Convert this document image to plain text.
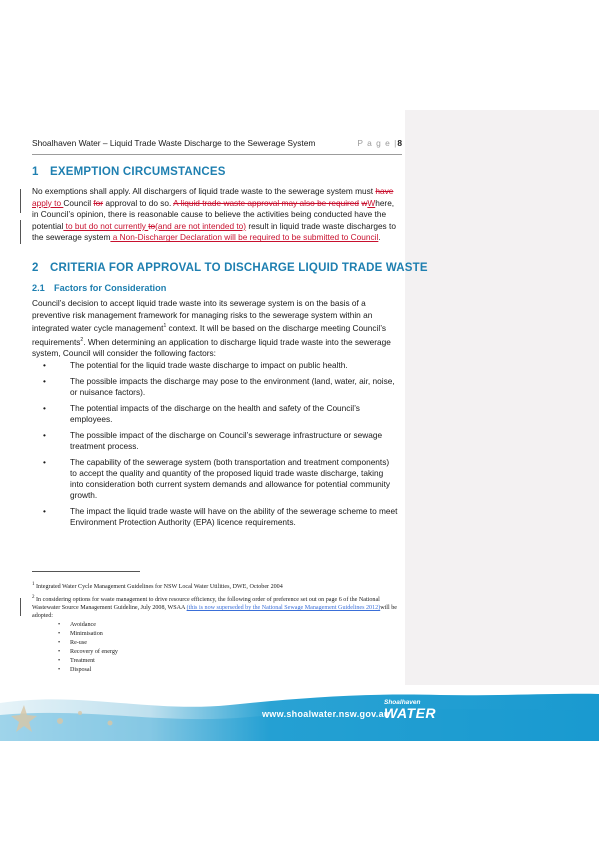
Shoalhaven Water – Liquid Trade Waste Discharge to the Sewerage System	P a g e |8
1 EXEMPTION CIRCUMSTANCES

No exemptions shall apply. All dischargers of liquid trade waste to the sewerage system must have apply to Council for approval to do so. A liquid trade waste approval may also be required wWhere, in Council’s opinion, there is reasonable cause to believe the activities being conducted have the potential to but do not currently to(and are not intended to) result in liquid trade waste discharges to the sewerage system a Non-Discharger Declaration will be required to be submitted to Council.

2 CRITERIA FOR APPROVAL TO DISCHARGE LIQUID TRADE WASTE
2.1 Factors for Consideration

Council’s decision to accept liquid trade waste into its sewerage system is on the basis of a preventive risk management framework for managing risks to the sewerage system within an integrated water cycle management$^1$ context. It will be based on the discharge meeting Council’s requirements$^2$. When determining an application to discharge liquid trade waste into the sewerage system, Council will consider the following factors:

• The potential for the liquid trade waste discharge to impact on public health.
• The possible impacts the discharge may pose to the environment (land, water, air, noise, or nuisance factors).
• The potential impacts of the discharge on the health and safety of the Council’s employees.
• The possible impact of the discharge on Council’s sewerage infrastructure or sewage treatment process.
• The capability of the sewerage system (both transportation and treatment components) to accept the quality and quantity of the proposed liquid trade waste discharge, taking into consideration both current system demands and allowance for potential community growth.
• The impact the liquid trade waste will have on the ability of the sewerage scheme to meet Environment Protection Authority (EPA) licence requirements.

$^1$ Integrated Water Cycle Management Guidelines for NSW Local Water Utilities, DWE, October 2004

$^2$ In considering options for waste management to drive resource efficiency, the following order of preference set out on page 6 of the National Wastewater Source Management Guideline, July 2008, WSAA (this is now superseded by the National Sewage Management Guidelines 2012)will be adopted:

• Avoidance
• Minimisation
• Re-use
• Recovery of energy
• Treatment
• Disposal
www.shoalwater.nsw.gov.au
Shoalhaven
WATER
